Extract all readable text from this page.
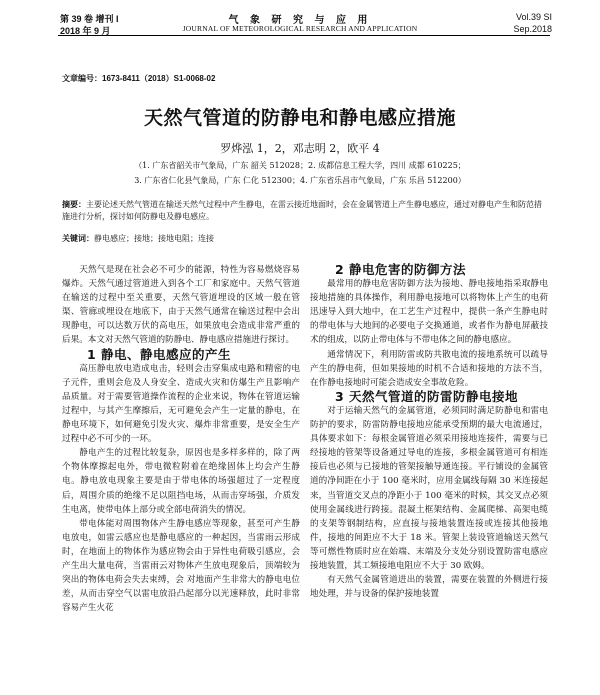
第 39 卷 增刊 I
2018 年 9 月
气 象 研 究 与 应 用
JOURNAL OF METEOROLOGICAL RESEARCH AND APPLICATION
Vol.39 SI
Sep.2018
文章编号：1673-8411（2018）S1-0068-02
天然气管道的防静电和静电感应措施
罗烨泓 1，2，邓志明 2，欧平 4
（1. 广东省韶关市气象局，广东 韶关 512028；2. 成都信息工程大学，四川 成都 610225；
3. 广东省仁化县气象局，广东 仁化 512300；4. 广东省乐昌市气象局，广东 乐昌 512200）
摘要：主要论述天然气管道在输送天然气过程中产生静电，在雷云接近地面时，会在金属管道上产生静电感应，通过对静电产生和防范措施进行分析，探讨如何防静电及静电感应。
关键词：静电感应；接地；接地电阻；连接

天然气是现在社会必不可少的能源，特性为容易燃烧容易爆炸。天然气通过管道进入到各个工厂和家庭中。天然气管道在输送的过程中至关重要，天然气管道埋设的区域一般在管渠、管廊或埋设在地底下，由于天然气通常在输送过程中会出现静电，可以达数万伏的高电压，如果放电会造成非常严重的后果。本文对天然气管道的防静电、静电感应措施进行探讨。

1 静电、静电感应的产生

高压静电放电造成电击，轻则会击穿集成电路和精密的电子元件，重则会危及人身安全、造成火灾和仿爆生产且影响产品质量。对于需要管道操作流程的企业来说，物体在管道运输过程中，与其产生摩擦后，无可避免会产生一定量的静电，在静电环境下，如何避免引发火灾、爆炸非常重要，是安全生产过程中必不可少的一环。

静电产生的过程比较复杂，原因也是多样多样的，除了两个物体摩擦起电外，带电微粒附着在绝缘固体上均会产生静电。静电放电现象主要是由于带电体的场强超过了一定程度后，周围介质的绝缘不足以阻挡电场，从而击穿场强，介质发生电离，使带电体上部分或全部电荷消失的情况。

带电体能对周围物体产生静电感应等现象，甚至可产生静电放电，如雷云感应也是静电感应的一种起因，当雷雨云形成时，在地面上的物体作为感应物会由于异性电荷吸引感应，会产生出大量电荷，当雷雨云对物体产生放电现象后，顶端较为突出的物体电荷会失去束缚，会 对地面产生非常大的静电电位差，从而击穿空气以雷电放沿凸起部分以光速释放，此时非常容易产生火花

2 静电危害的防御方法

最常用的静电危害防御方法为接地、静电接地指采取静电接地措施的具体操作，利用静电接地可以将物体上产生的电荷迅速导入到大地中，在工艺生产过程中，提供一条产生静电时的带电体与大地间的必要电子交换通道，或者作为静电屏蔽技术的组成，以防止带电体与不带电体之间的静电感应。

通常情况下，利用防雷或防共散电流的接地系统可以疏导产生的静电荷，但如果接地的时机不合适和接地的方法不当，在作静电接地时可能会造成安全事故危险。

3 天然气管道的防雷防静电接地

对于运输天然气的金属管道，必须同时满足防静电和雷电防护的要求，防雷防静电接地应能承受预期的最大电流通过，具体要求如下：每根金属管道必须采用接地连接件，需要与已经接地的管架等设备通过导电的连接，多根金属管道可有相连接后也必须与已接地的管架接触导通连接。平行铺设的金属管道的净间距在小于 100 毫米时，应用金属线每隔 30 米连接起来，当管道交叉点的净距小于 100 毫米的时候，其交叉点必须使用金属线进行跨接。混凝土框架结构、金属爬梯、高架电缆的支架等钢制结构，应直接与接地装置连接或连接其他接地件，接地的间距应不大于 18 米。管架上装设管道输送天然气等可燃性物质时应在始端、末端及分支处分别设置防雷电感应接地装置，其工频接地电阻应不大于 30 欧姆。

有天然气金属管道进出的装置，需要在装置的外侧进行接地处理，并与设备的保护接地装置
